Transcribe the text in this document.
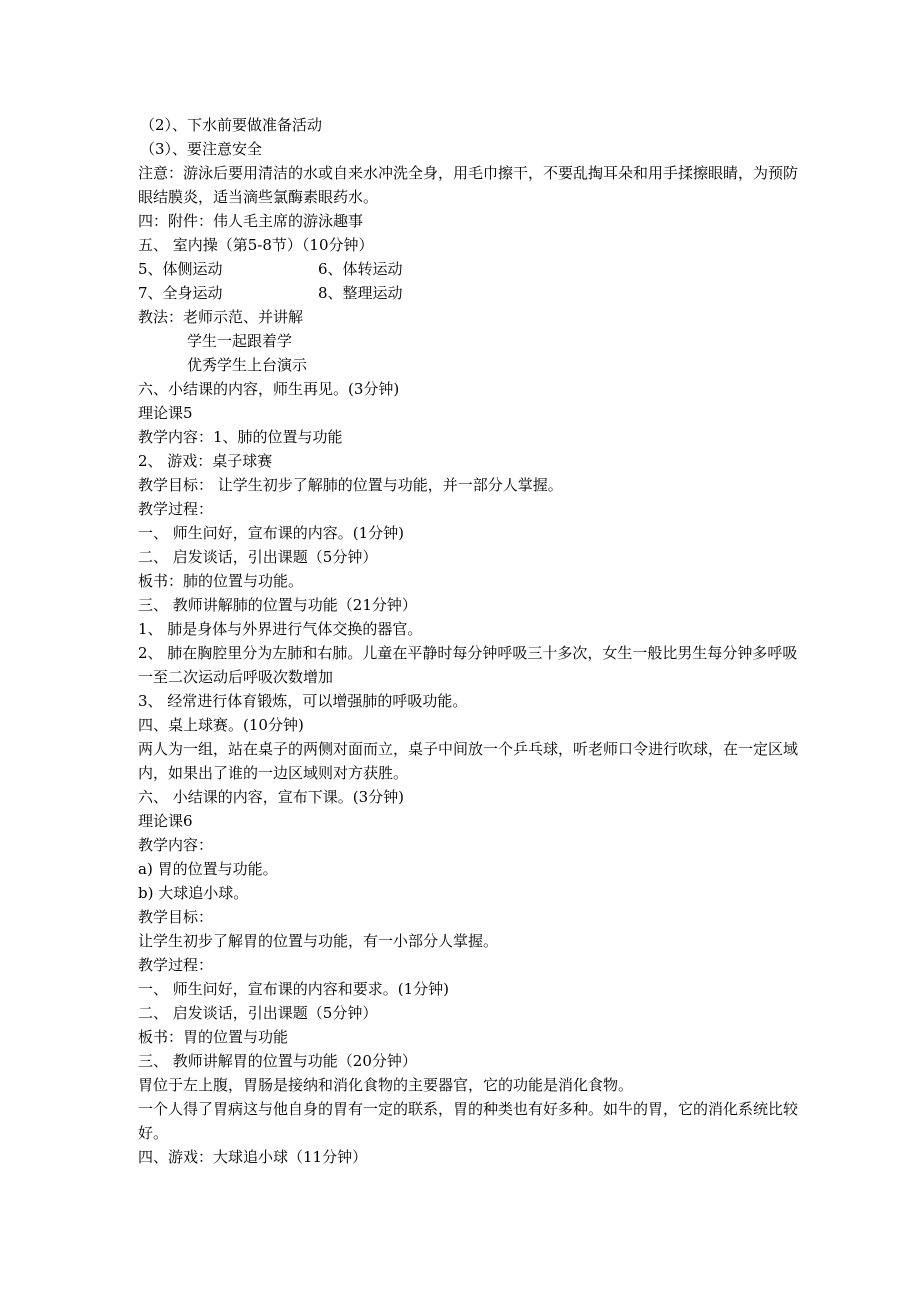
（2）、下水前要做准备活动
（3）、要注意安全
注意：游泳后要用清洁的水或自来水冲洗全身，用毛巾擦干，不要乱掏耳朵和用手揉擦眼睛，为预防眼结膜炎，适当滴些氯酶素眼药水。
四：附件：伟人毛主席的游泳趣事
五、 室内操（第5-8节）（10分钟）
5、体侧运动	6、体转运动
7、全身运动	8、整理运动
教法：老师示范、并讲解
学生一起跟着学
优秀学生上台演示
六、小结课的内容，师生再见。(3分钟)
理论课5
教学内容：1、肺的位置与功能
2、 游戏：桌子球赛
教学目标： 让学生初步了解肺的位置与功能，并一部分人掌握。
教学过程：
一、 师生问好，宣布课的内容。(1分钟)
二、 启发谈话，引出课题（5分钟）
板书：肺的位置与功能。
三、 教师讲解肺的位置与功能（21分钟）
1、 肺是身体与外界进行气体交换的器官。
2、 肺在胸腔里分为左肺和右肺。儿童在平静时每分钟呼吸三十多次，女生一般比男生每分钟多呼吸一至二次运动后呼吸次数增加
3、 经常进行体育锻炼，可以增强肺的呼吸功能。
四、桌上球赛。(10分钟)
两人为一组，站在桌子的两侧对面而立，桌子中间放一个乒乓球，听老师口令进行吹球，在一定区域内，如果出了谁的一边区域则对方获胜。
六、 小结课的内容，宣布下课。(3分钟)
理论课6
教学内容：
a) 胃的位置与功能。
b) 大球追小球。
教学目标：
让学生初步了解胃的位置与功能，有一小部分人掌握。
教学过程：
一、 师生问好，宣布课的内容和要求。(1分钟)
二、 启发谈话，引出课题（5分钟）
板书：胃的位置与功能
三、 教师讲解胃的位置与功能（20分钟）
胃位于左上腹，胃肠是接纳和消化食物的主要器官，它的功能是消化食物。
一个人得了胃病这与他自身的胃有一定的联系，胃的种类也有好多种。如牛的胃，它的消化系统比较好。
四、游戏：大球追小球（11分钟）
